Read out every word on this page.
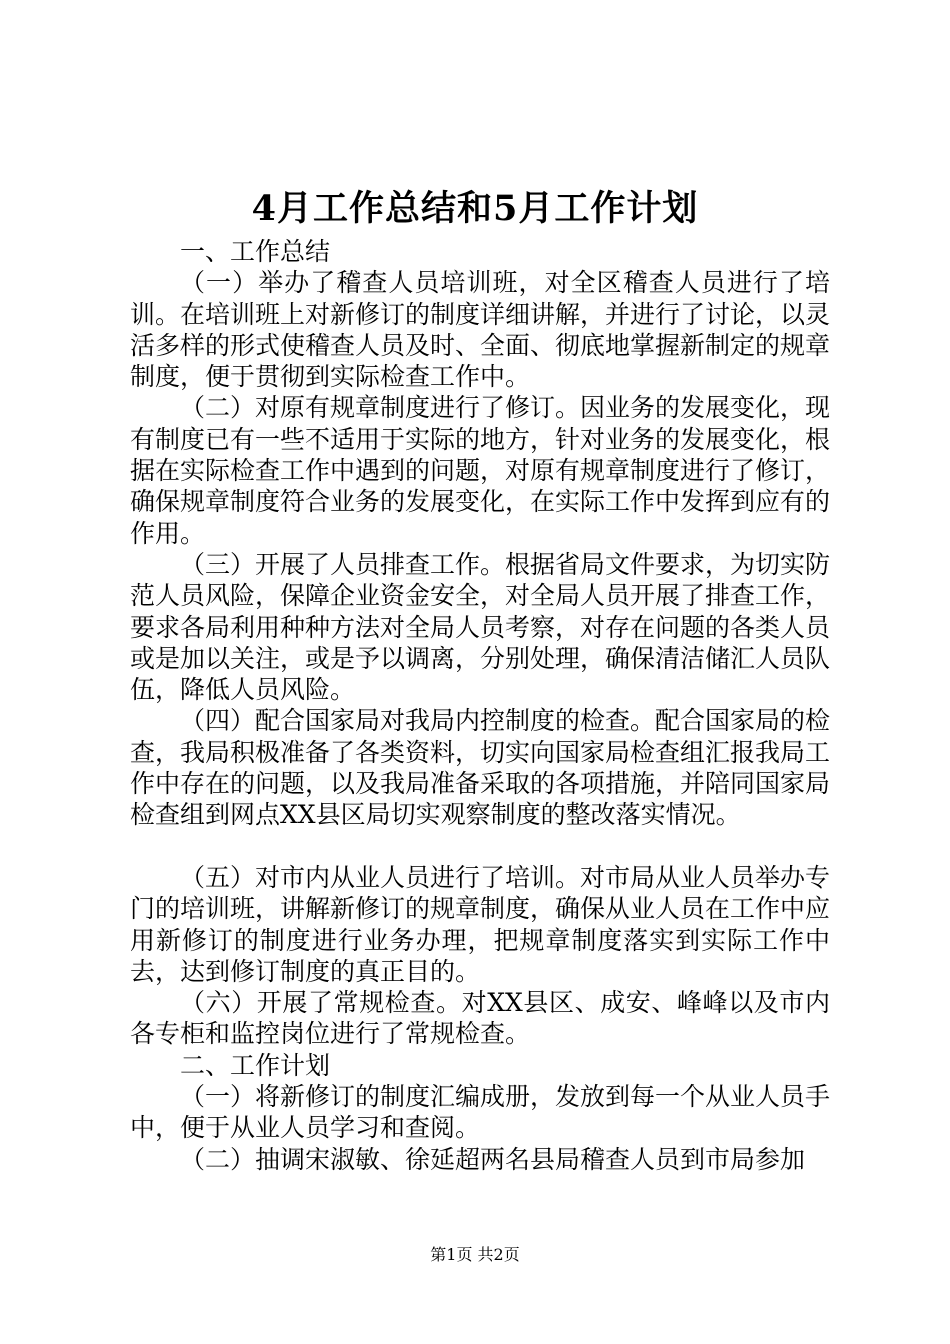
4月工作总结和5月工作计划

一、工作总结

（一）举办了稽查人员培训班，对全区稽查人员进行了培训。在培训班上对新修订的制度详细讲解，并进行了讨论，以灵活多样的形式使稽查人员及时、全面、彻底地掌握新制定的规章制度，便于贯彻到实际检查工作中。

（二）对原有规章制度进行了修订。因业务的发展变化，现有制度已有一些不适用于实际的地方，针对业务的发展变化，根据在实际检查工作中遇到的问题，对原有规章制度进行了修订，确保规章制度符合业务的发展变化，在实际工作中发挥到应有的作用。

（三）开展了人员排查工作。根据省局文件要求，为切实防范人员风险，保障企业资金安全，对全局人员开展了排查工作，要求各局利用种种方法对全局人员考察，对存在问题的各类人员或是加以关注，或是予以调离，分别处理，确保清洁储汇人员队伍，降低人员风险。

（四）配合国家局对我局内控制度的检查。配合国家局的检查，我局积极准备了各类资料，切实向国家局检查组汇报我局工作中存在的问题，以及我局准备采取的各项措施，并陪同国家局检查组到网点XX县区局切实观察制度的整改落实情况。

（五）对市内从业人员进行了培训。对市局从业人员举办专门的培训班，讲解新修订的规章制度，确保从业人员在工作中应用新修订的制度进行业务办理，把规章制度落实到实际工作中去，达到修订制度的真正目的。

（六）开展了常规检查。对XX县区、成安、峰峰以及市内各专柜和监控岗位进行了常规检查。

二、工作计划

（一）将新修订的制度汇编成册，发放到每一个从业人员手中，便于从业人员学习和查阅。

（二）抽调宋淑敏、徐延超两名县局稽查人员到市局参加

第1页 共2页
